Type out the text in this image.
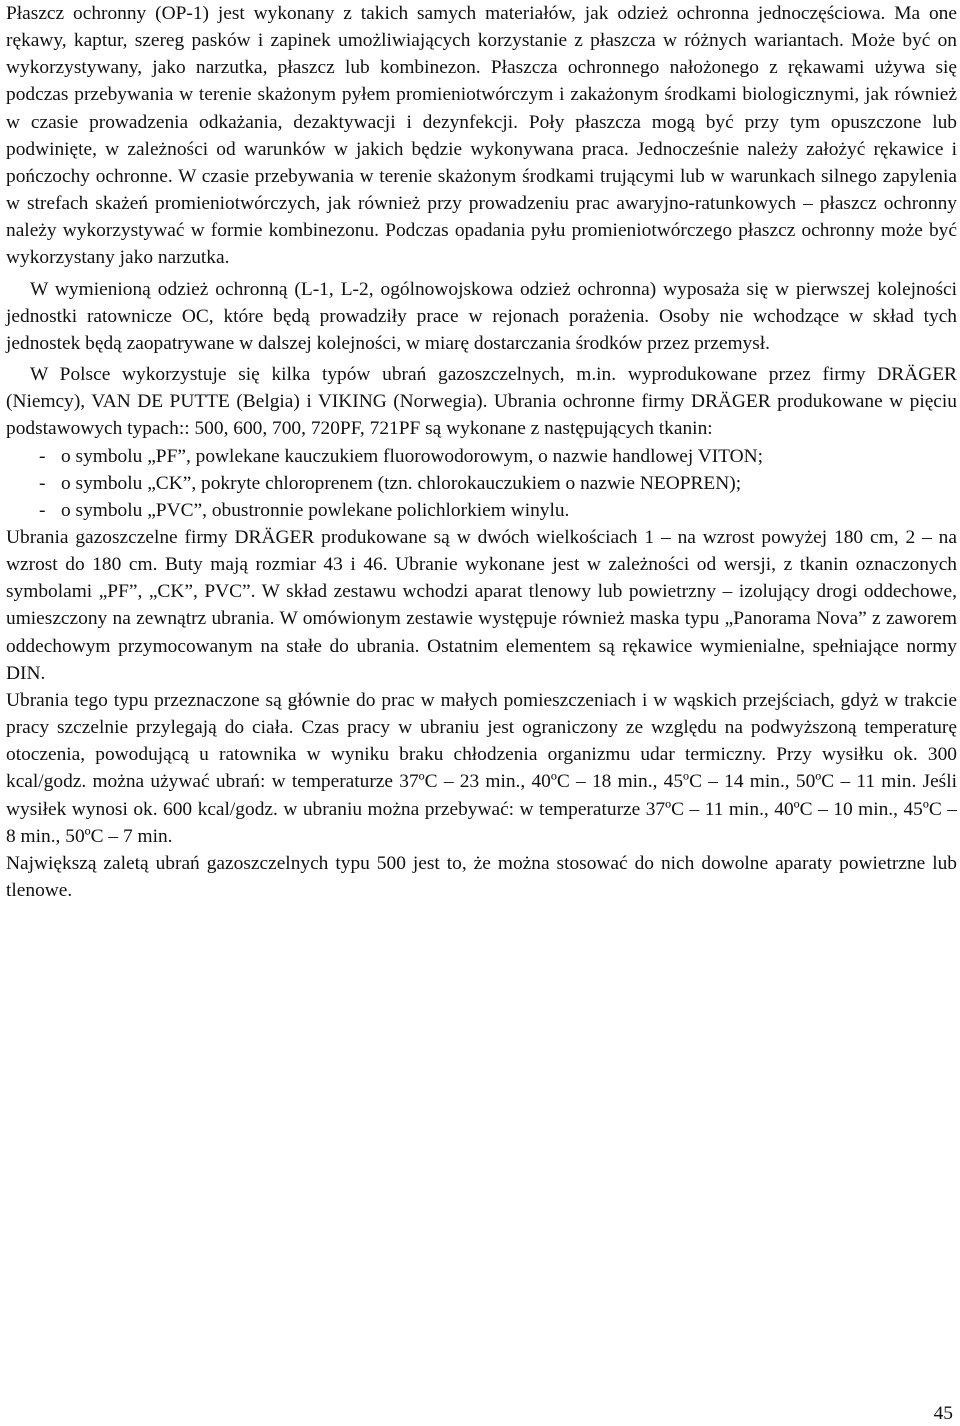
Płaszcz ochronny (OP-1) jest wykonany z takich samych materiałów, jak odzież ochronna jednoczęściowa. Ma one rękawy, kaptur, szereg pasków i zapinek umożliwiających korzystanie z płaszcza w różnych wariantach. Może być on wykorzystywany, jako narzutka, płaszcz lub kombinezon. Płaszcza ochronnego nałożonego z rękawami używa się podczas przebywania w terenie skażonym pyłem promieniotwórczym i zakażonym środkami biologicznymi, jak również w czasie prowadzenia odkażania, dezaktywacji i dezynfekcji. Poły płaszcza mogą być przy tym opuszczone lub podwinięte, w zależności od warunków w jakich będzie wykonywana praca. Jednocześnie należy założyć rękawice i pończochy ochronne. W czasie przebywania w terenie skażonym środkami trującymi lub w warunkach silnego zapylenia w strefach skażeń promieniotwórczych, jak również przy prowadzeniu prac awaryjno-ratunkowych – płaszcz ochronny należy wykorzystywać w formie kombinezonu. Podczas opadania pyłu promieniotwórczego płaszcz ochronny może być wykorzystany jako narzutka.

W wymienioną odzież ochronną (L-1, L-2, ogólnowojskowa odzież ochronna) wyposaża się w pierwszej kolejności jednostki ratownicze OC, które będą prowadziły prace w rejonach porażenia. Osoby nie wchodzące w skład tych jednostek będą zaopatrywane w dalszej kolejności, w miarę dostarczania środków przez przemysł.

W Polsce wykorzystuje się kilka typów ubrań gazoszczelnych, m.in. wyprodukowane przez firmy DRÄGER (Niemcy), VAN DE PUTTE (Belgia) i VIKING (Norwegia). Ubrania ochronne firmy DRÄGER produkowane w pięciu podstawowych typach:: 500, 600, 700, 720PF, 721PF są wykonane z następujących tkanin:

- o symbolu „PF”, powlekane kauczukiem fluorowodorowym, o nazwie handlowej VITON;
- o symbolu „CK”, pokryte chloroprenem (tzn. chlorokauczukiem o nazwie NEOPREN);
- o symbolu „PVC”, obustronnie powlekane polichlorkiem winylu.

Ubrania gazoszczelne firmy DRÄGER produkowane są w dwóch wielkościach 1 – na wzrost powyżej 180 cm, 2 – na wzrost do 180 cm. Buty mają rozmiar 43 i 46. Ubranie wykonane jest w zależności od wersji, z tkanin oznaczonych symbolami „PF”, „CK”, PVC”. W skład zestawu wchodzi aparat tlenowy lub powietrzny – izolujący drogi oddechowe, umieszczony na zewnątrz ubrania. W omówionym zestawie występuje również maska typu „Panorama Nova” z zaworem oddechowym przymocowanym na stałe do ubrania. Ostatnim elementem są rękawice wymienialne, spełniające normy DIN.

Ubrania tego typu przeznaczone są głównie do prac w małych pomieszczeniach i w wąskich przejściach, gdyż w trakcie pracy szczelnie przylegają do ciała. Czas pracy w ubraniu jest ograniczony ze względu na podwyższoną temperaturę otoczenia, powodującą u ratownika w wyniku braku chłodzenia organizmu udar termiczny. Przy wysiłku ok. 300 kcal/godz. można używać ubrań: w temperaturze 37ºC – 23 min., 40ºC – 18 min., 45ºC – 14 min., 50ºC – 11 min. Jeśli wysiłek wynosi ok. 600 kcal/godz. w ubraniu można przebywać: w temperaturze 37ºC – 11 min., 40ºC – 10 min., 45ºC – 8 min., 50ºC – 7 min.

Największą zaletą ubrań gazoszczelnych typu 500 jest to, że można stosować do nich dowolne aparaty powietrzne lub tlenowe.

45
